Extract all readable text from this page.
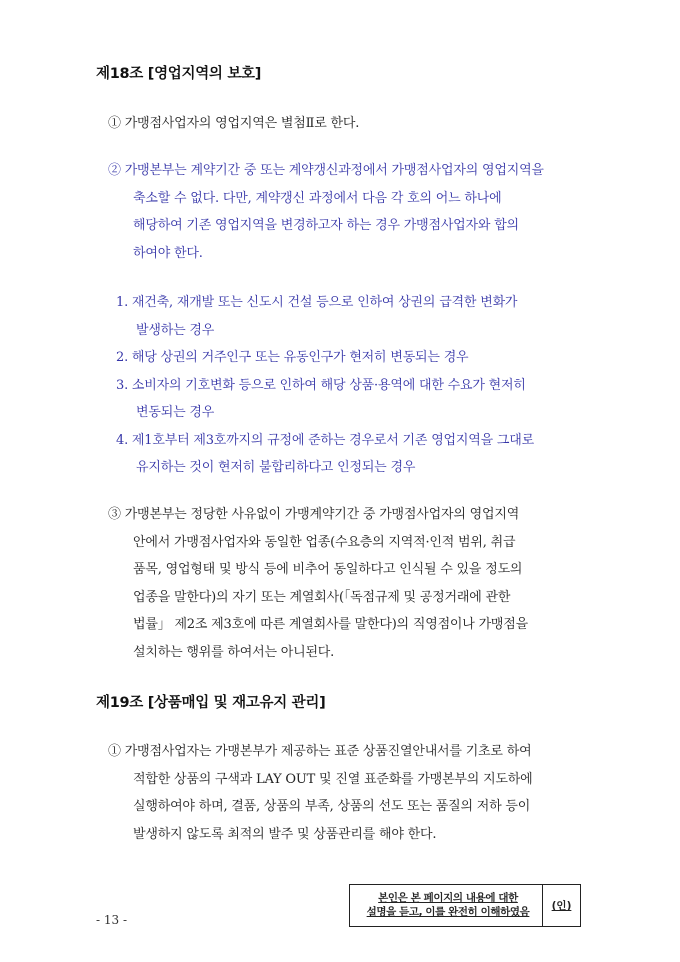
제18조 [영업지역의 보호]
① 가맹점사업자의 영업지역은 별첨Ⅱ로 한다.
② 가맹본부는 계약기간 중 또는 계약갱신과정에서 가맹점사업자의 영업지역을
축소할 수 없다. 다만, 계약갱신 과정에서 다음 각 호의 어느 하나에
해당하여 기존 영업지역을 변경하고자 하는 경우 가맹점사업자와 합의
하여야 한다.
1. 재건축, 재개발 또는 신도시 건설 등으로 인하여 상권의 급격한 변화가
발생하는 경우
2. 해당 상권의 거주인구 또는 유동인구가 현저히 변동되는 경우
3. 소비자의 기호변화 등으로 인하여 해당 상품·용역에 대한 수요가 현저히
변동되는 경우
4. 제1호부터 제3호까지의 규정에 준하는 경우로서 기존 영업지역을 그대로
유지하는 것이 현저히 불합리하다고 인정되는 경우
③ 가맹본부는 정당한 사유없이 가맹계약기간 중 가맹점사업자의 영업지역
안에서 가맹점사업자와 동일한 업종(수요층의 지역적·인적 범위, 취급
품목, 영업형태 및 방식 등에 비추어 동일하다고 인식될 수 있을 정도의
업종을 말한다)의 자기 또는 계열회사(「독점규제 및 공정거래에 관한
법률」 제2조 제3호에 따른 계열회사를 말한다)의 직영점이나 가맹점을
설치하는 행위를 하여서는 아니된다.
제19조 [상품매입 및 재고유지 관리]
① 가맹점사업자는 가맹본부가 제공하는 표준 상품진열안내서를 기초로 하여
적합한 상품의 구색과 LAY OUT 및 진열 표준화를 가맹본부의 지도하에
실행하여야 하며, 결품, 상품의 부족, 상품의 선도 또는 품질의 저하 등이
발생하지 않도록 최적의 발주 및 상품관리를 해야 한다.
본인은 본 페이지의 내용에 대한
설명을 듣고, 이를 완전히 이해하였음	(인)
- 13 -
